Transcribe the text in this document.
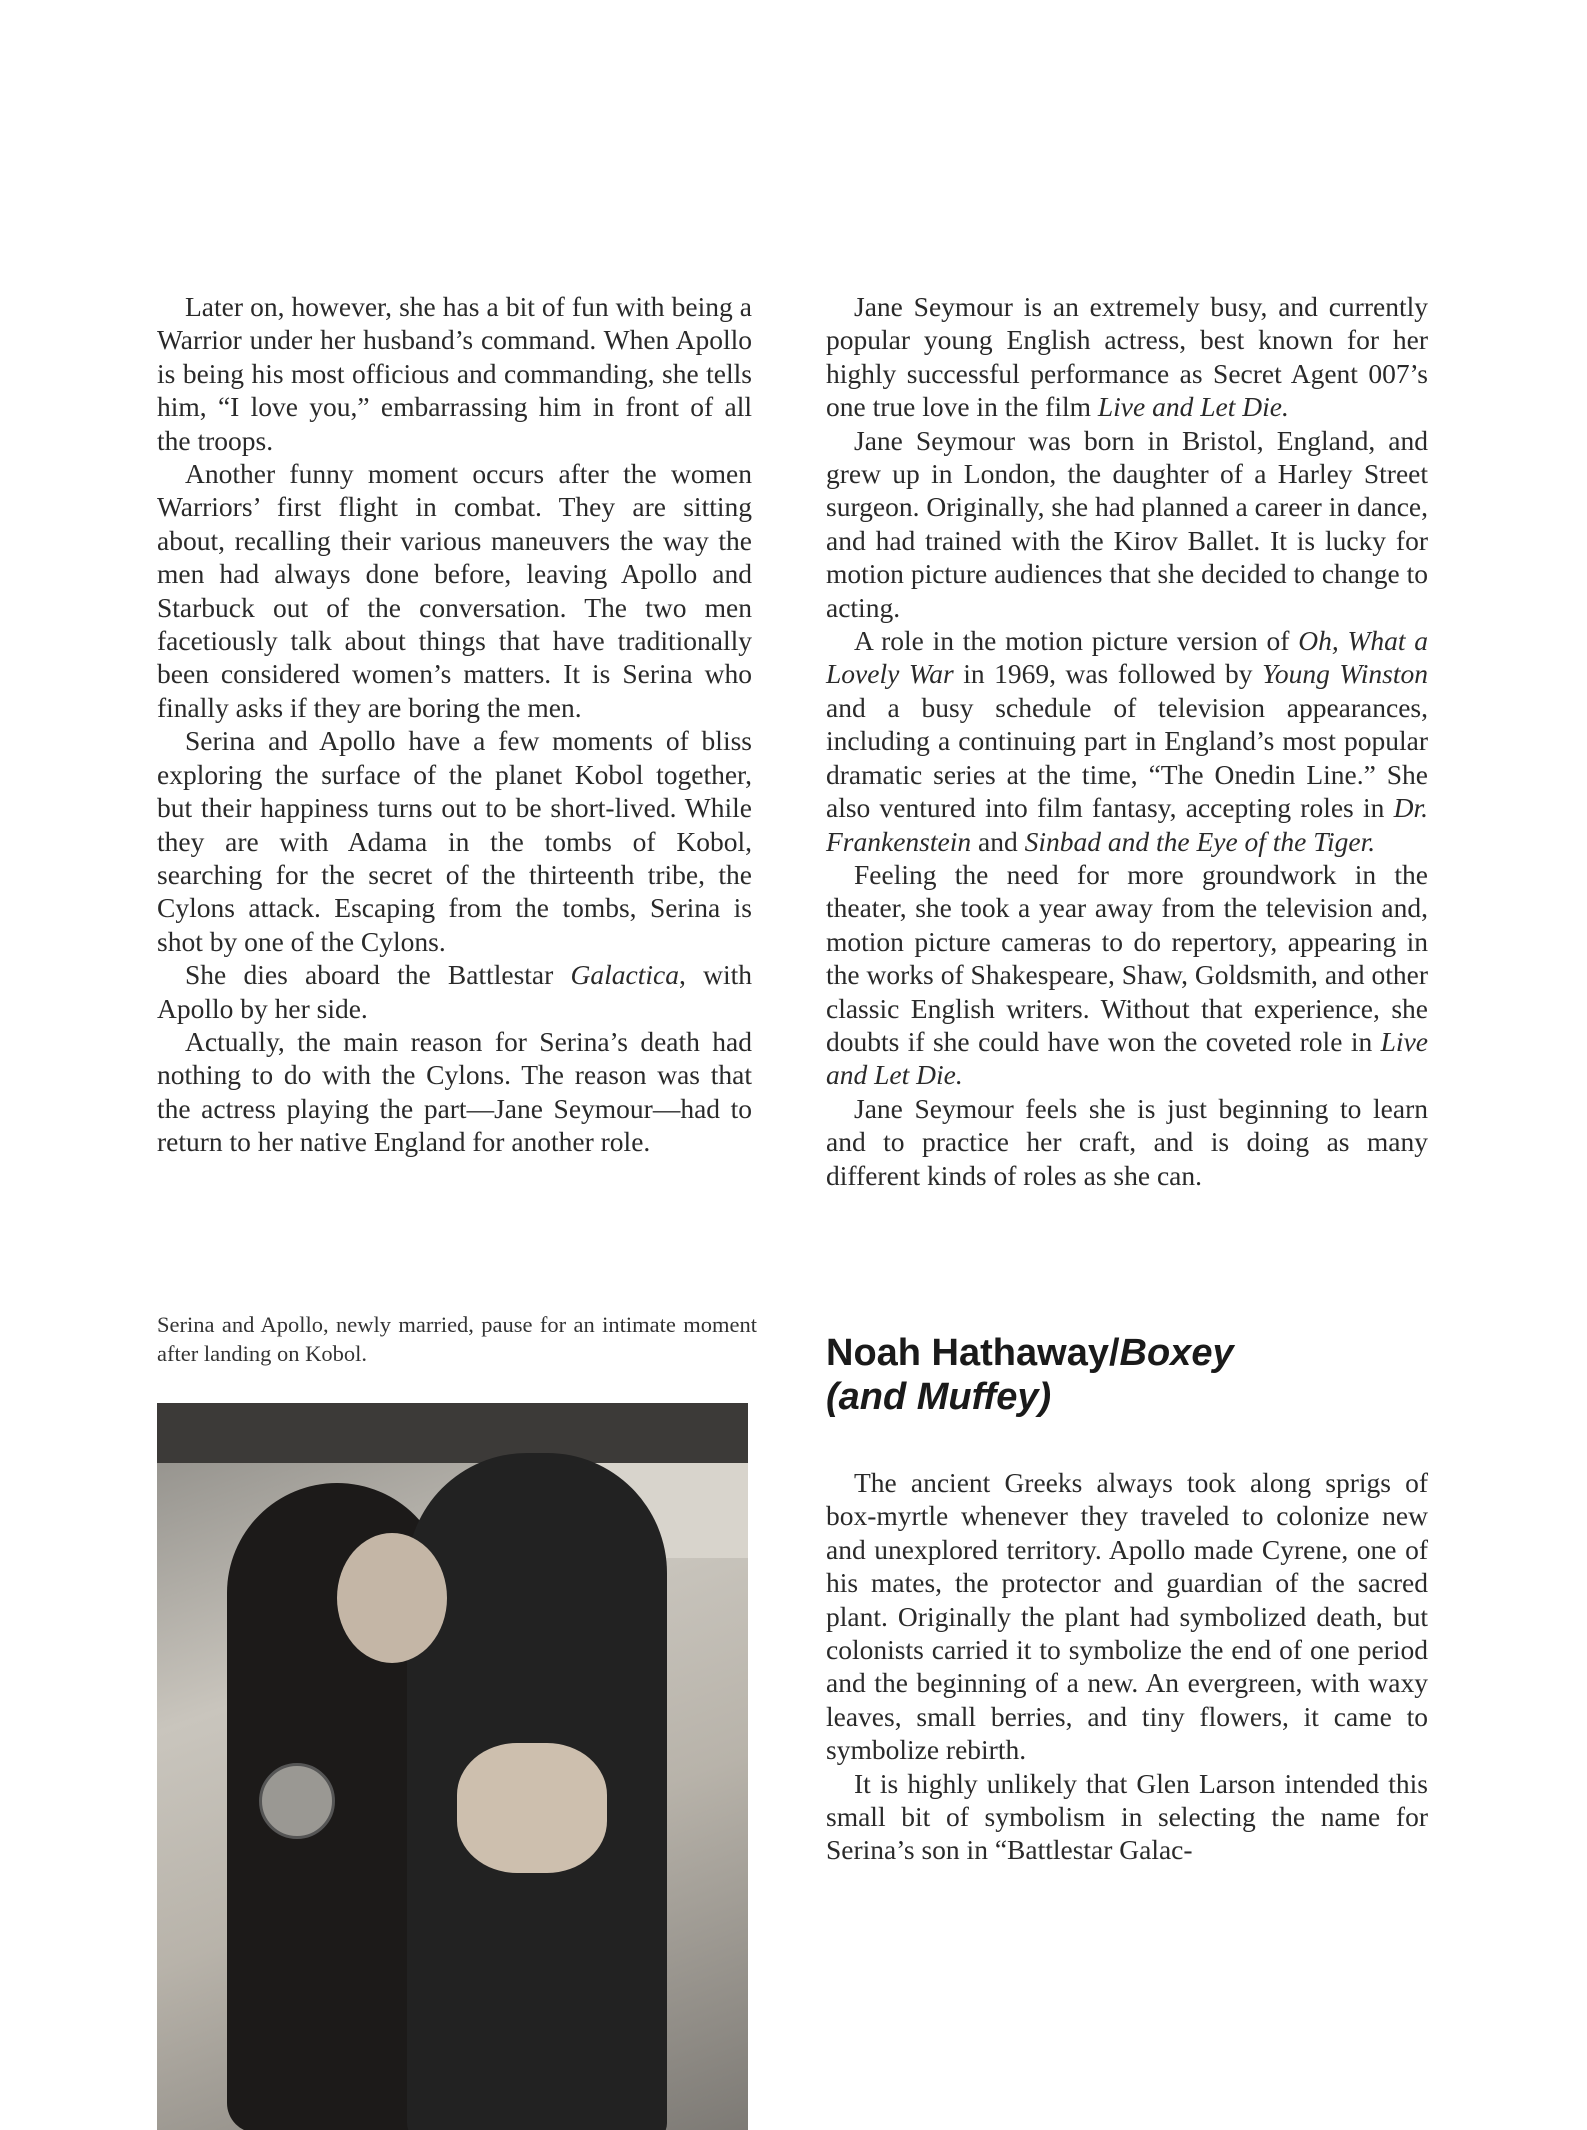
Later on, however, she has a bit of fun with being a Warrior under her husband’s command. When Apollo is being his most officious and commanding, she tells him, “I love you,” embarrassing him in front of all the troops.

Another funny moment occurs after the women Warriors’ first flight in combat. They are sitting about, recalling their various maneuvers the way the men had always done before, leaving Apollo and Starbuck out of the conversation. The two men facetiously talk about things that have traditionally been considered women’s matters. It is Serina who finally asks if they are boring the men.

Serina and Apollo have a few moments of bliss exploring the surface of the planet Kobol together, but their happiness turns out to be short-lived. While they are with Adama in the tombs of Kobol, searching for the secret of the thirteenth tribe, the Cylons attack. Escaping from the tombs, Serina is shot by one of the Cylons.

She dies aboard the Battlestar Galactica, with Apollo by her side.

Actually, the main reason for Serina’s death had nothing to do with the Cylons. The reason was that the actress playing the part—Jane Seymour—had to return to her native England for another role.

Serina and Apollo, newly married, pause for an intimate moment after landing on Kobol.

Jane Seymour is an extremely busy, and currently popular young English actress, best known for her highly successful performance as Secret Agent 007’s one true love in the film Live and Let Die.

Jane Seymour was born in Bristol, England, and grew up in London, the daughter of a Harley Street surgeon. Originally, she had planned a career in dance, and had trained with the Kirov Ballet. It is lucky for motion picture audiences that she decided to change to acting.

A role in the motion picture version of Oh, What a Lovely War in 1969, was followed by Young Winston and a busy schedule of television appearances, including a continuing part in England’s most popular dramatic series at the time, “The Onedin Line.” She also ventured into film fantasy, accepting roles in Dr. Frankenstein and Sinbad and the Eye of the Tiger.

Feeling the need for more groundwork in the theater, she took a year away from the television and, motion picture cameras to do repertory, appearing in the works of Shakespeare, Shaw, Goldsmith, and other classic English writers. Without that experience, she doubts if she could have won the coveted role in Live and Let Die.

Jane Seymour feels she is just beginning to learn and to practice her craft, and is doing as many different kinds of roles as she can.

Noah Hathaway/Boxey
(and Muffey)

The ancient Greeks always took along sprigs of box-myrtle whenever they traveled to colonize new and unexplored territory. Apollo made Cyrene, one of his mates, the protector and guardian of the sacred plant. Originally the plant had symbolized death, but colonists carried it to symbolize the end of one period and the beginning of a new. An evergreen, with waxy leaves, small berries, and tiny flowers, it came to symbolize rebirth.

It is highly unlikely that Glen Larson intended this small bit of symbolism in selecting the name for Serina’s son in “Battlestar Galac-
